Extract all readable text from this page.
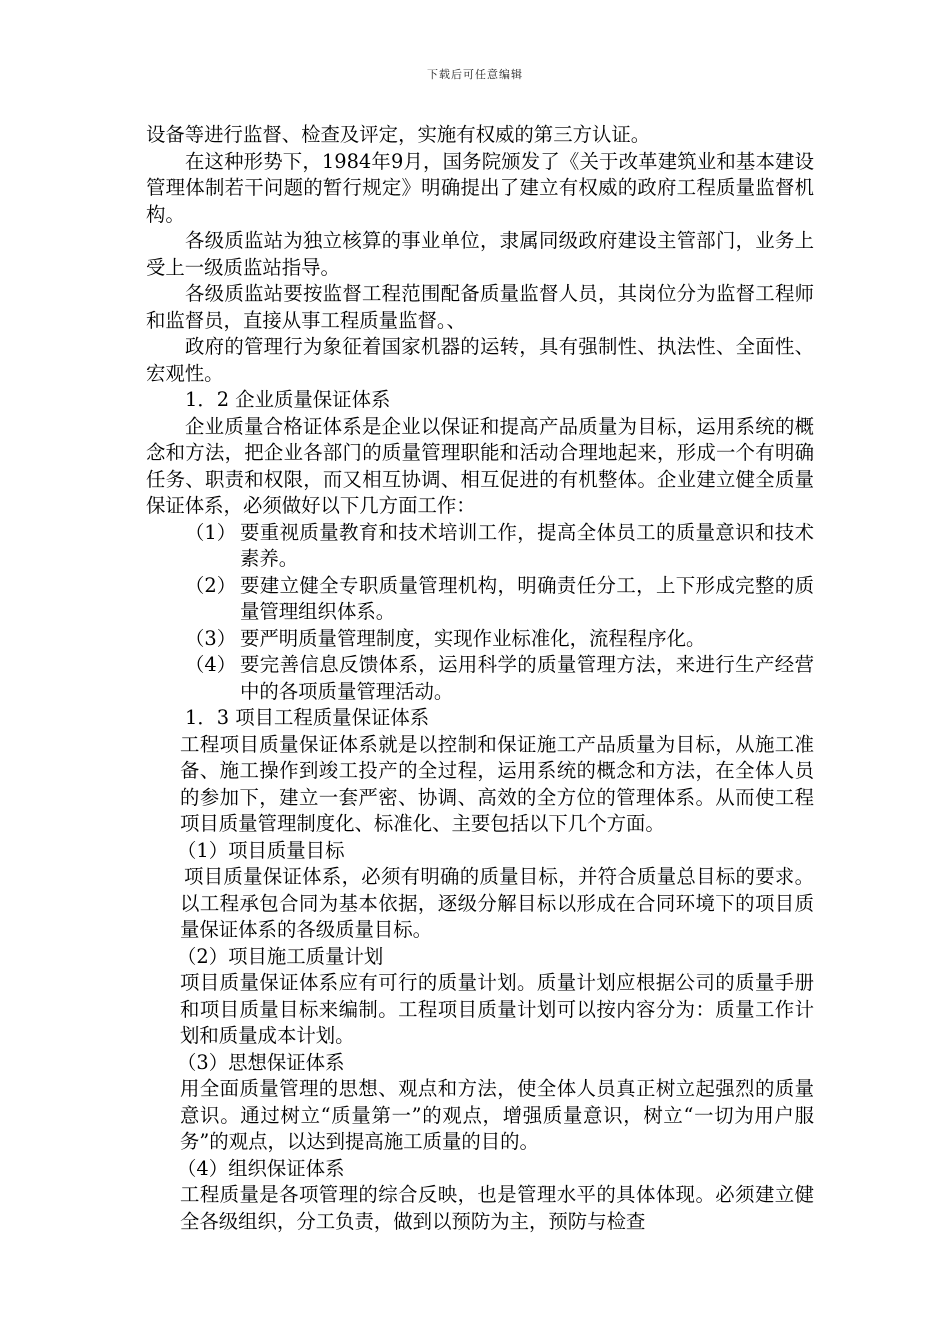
下载后可任意编辑

设备等进行监督、检查及评定，实施有权威的第三方认证。

在这种形势下，1984年9月，国务院颁发了《关于改革建筑业和基本建设管理体制若干问题的暂行规定》明确提出了建立有权威的政府工程质量监督机构。

各级质监站为独立核算的事业单位，隶属同级政府建设主管部门，业务上受上一级质监站指导。

各级质监站要按监督工程范围配备质量监督人员，其岗位分为监督工程师和监督员，直接从事工程质量监督。、

政府的管理行为象征着国家机器的运转，具有强制性、执法性、全面性、宏观性。

1．2 企业质量保证体系

企业质量合格证体系是企业以保证和提高产品质量为目标，运用系统的概念和方法，把企业各部门的质量管理职能和活动合理地起来，形成一个有明确任务、职责和权限，而又相互协调、相互促进的有机整体。企业建立健全质量保证体系，必须做好以下几方面工作：

（1） 要重视质量教育和技术培训工作，提高全体员工的质量意识和技术素养。
（2） 要建立健全专职质量管理机构，明确责任分工，上下形成完整的质量管理组织体系。
（3） 要严明质量管理制度，实现作业标准化，流程程序化。
（4） 要完善信息反馈体系，运用科学的质量管理方法，来进行生产经营中的各项质量管理活动。

1．3 项目工程质量保证体系

工程项目质量保证体系就是以控制和保证施工产品质量为目标，从施工准备、施工操作到竣工投产的全过程，运用系统的概念和方法，在全体人员的参加下，建立一套严密、协调、高效的全方位的管理体系。从而使工程项目质量管理制度化、标准化、主要包括以下几个方面。

（1）项目质量目标

项目质量保证体系，必须有明确的质量目标，并符合质量总目标的要求。 以工程承包合同为基本依据，逐级分解目标以形成在合同环境下的项目质量保证体系的各级质量目标。

（2）项目施工质量计划

项目质量保证体系应有可行的质量计划。质量计划应根据公司的质量手册和项目质量目标来编制。工程项目质量计划可以按内容分为：质量工作计划和质量成本计划。

（3）思想保证体系

用全面质量管理的思想、观点和方法，使全体人员真正树立起强烈的质量意识。通过树立“质量第一”的观点，增强质量意识，树立“一切为用户服务”的观点，以达到提高施工质量的目的。

（4）组织保证体系

工程质量是各项管理的综合反映，也是管理水平的具体体现。必须建立健全各级组织，分工负责，做到以预防为主，预防与检查
